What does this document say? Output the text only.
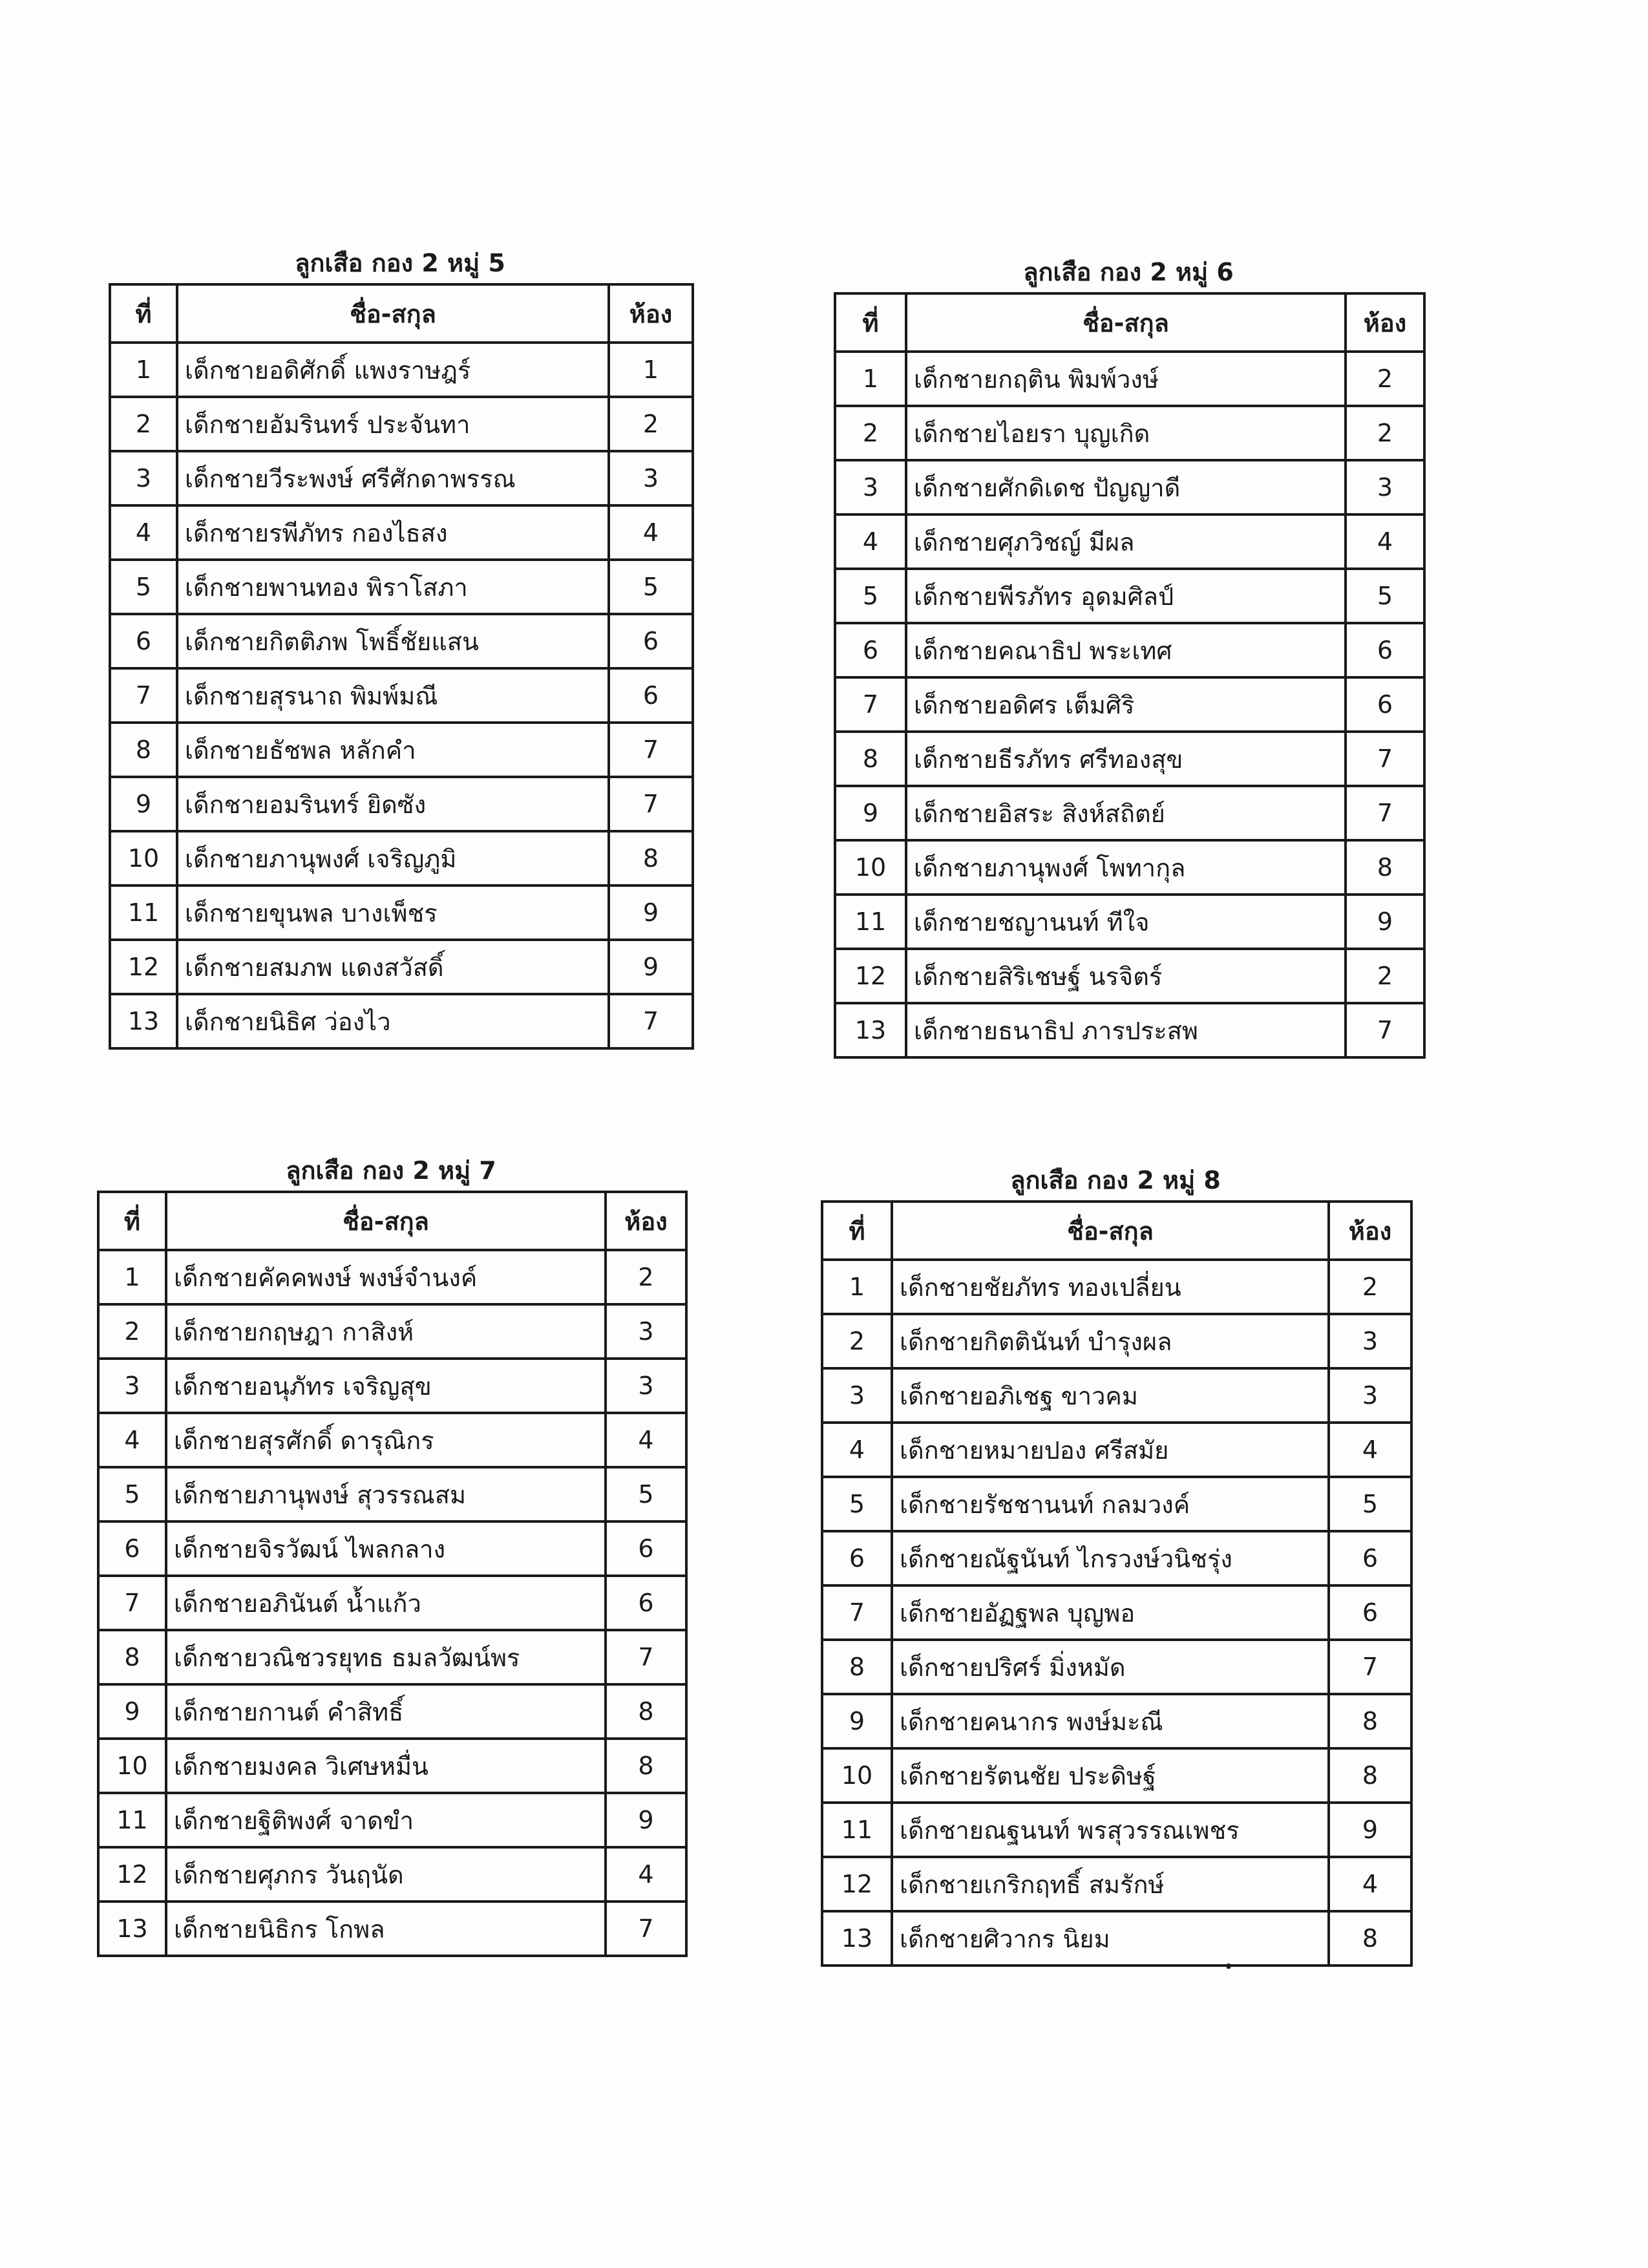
ลูกเสือ กอง 2 หมู่ 5
ที่	ชื่อ-สกุล	ห้อง
1	เด็กชายอดิศักดิ์ แพงราษฎร์	1
2	เด็กชายอัมรินทร์ ประจันทา	2
3	เด็กชายวีระพงษ์ ศรีศักดาพรรณ	3
4	เด็กชายรพีภัทร กองไธสง	4
5	เด็กชายพานทอง พิราโสภา	5
6	เด็กชายกิตติภพ โพธิ์ชัยแสน	6
7	เด็กชายสุรนาถ พิมพ์มณี	6
8	เด็กชายธัชพล หลักคำ	7
9	เด็กชายอมรินทร์ ยิดซัง	7
10	เด็กชายภานุพงศ์ เจริญภูมิ	8
11	เด็กชายขุนพล บางเพ็ชร	9
12	เด็กชายสมภพ แดงสวัสดิ์	9
13	เด็กชายนิธิศ ว่องไว	7
ลูกเสือ กอง 2 หมู่ 6
ที่	ชื่อ-สกุล	ห้อง
1	เด็กชายกฤติน พิมพ์วงษ์	2
2	เด็กชายไอยรา บุญเกิด	2
3	เด็กชายศักดิเดช ปัญญาดี	3
4	เด็กชายศุภวิชญ์ มีผล	4
5	เด็กชายพีรภัทร อุดมศิลป์	5
6	เด็กชายคณาธิป พระเทศ	6
7	เด็กชายอดิศร เต็มศิริ	6
8	เด็กชายธีรภัทร ศรีทองสุข	7
9	เด็กชายอิสระ สิงห์สถิตย์	7
10	เด็กชายภานุพงศ์ โพทากุล	8
11	เด็กชายชญานนท์ ทีใจ	9
12	เด็กชายสิริเชษฐ์ นรจิตร์	2
13	เด็กชายธนาธิป ภารประสพ	7
ลูกเสือ กอง 2 หมู่ 7
ที่	ชื่อ-สกุล	ห้อง
1	เด็กชายคัคคพงษ์ พงษ์จำนงค์	2
2	เด็กชายกฤษฎา กาสิงห์	3
3	เด็กชายอนุภัทร เจริญสุข	3
4	เด็กชายสุรศักดิ์ ดารุณิกร	4
5	เด็กชายภานุพงษ์ สุวรรณสม	5
6	เด็กชายจิรวัฒน์ ไพลกลาง	6
7	เด็กชายอภินันต์ น้ำแก้ว	6
8	เด็กชายวณิชวรยุทธ ธมลวัฒน์พร	7
9	เด็กชายกานต์ คำสิทธิ์	8
10	เด็กชายมงคล วิเศษหมื่น	8
11	เด็กชายฐิติพงศ์ จาดขำ	9
12	เด็กชายศุภกร วันฤนัด	4
13	เด็กชายนิธิกร โกพล	7
ลูกเสือ กอง 2 หมู่ 8
ที่	ชื่อ-สกุล	ห้อง
1	เด็กชายชัยภัทร ทองเปลี่ยน	2
2	เด็กชายกิตตินันท์ บำรุงผล	3
3	เด็กชายอภิเชฐ ขาวคม	3
4	เด็กชายหมายปอง ศรีสมัย	4
5	เด็กชายรัชชานนท์ กลมวงค์	5
6	เด็กชายณัฐนันท์ ไกรวงษ์วนิชรุ่ง	6
7	เด็กชายอัฏฐพล บุญพอ	6
8	เด็กชายปริศร์ มิ่งหมัด	7
9	เด็กชายคนากร พงษ์มะณี	8
10	เด็กชายรัตนชัย ประดิษฐ์	8
11	เด็กชายณฐนนท์ พรสุวรรณเพชร	9
12	เด็กชายเกริกฤทธิ์ สมรักษ์	4
13	เด็กชายศิวากร นิยม	8
